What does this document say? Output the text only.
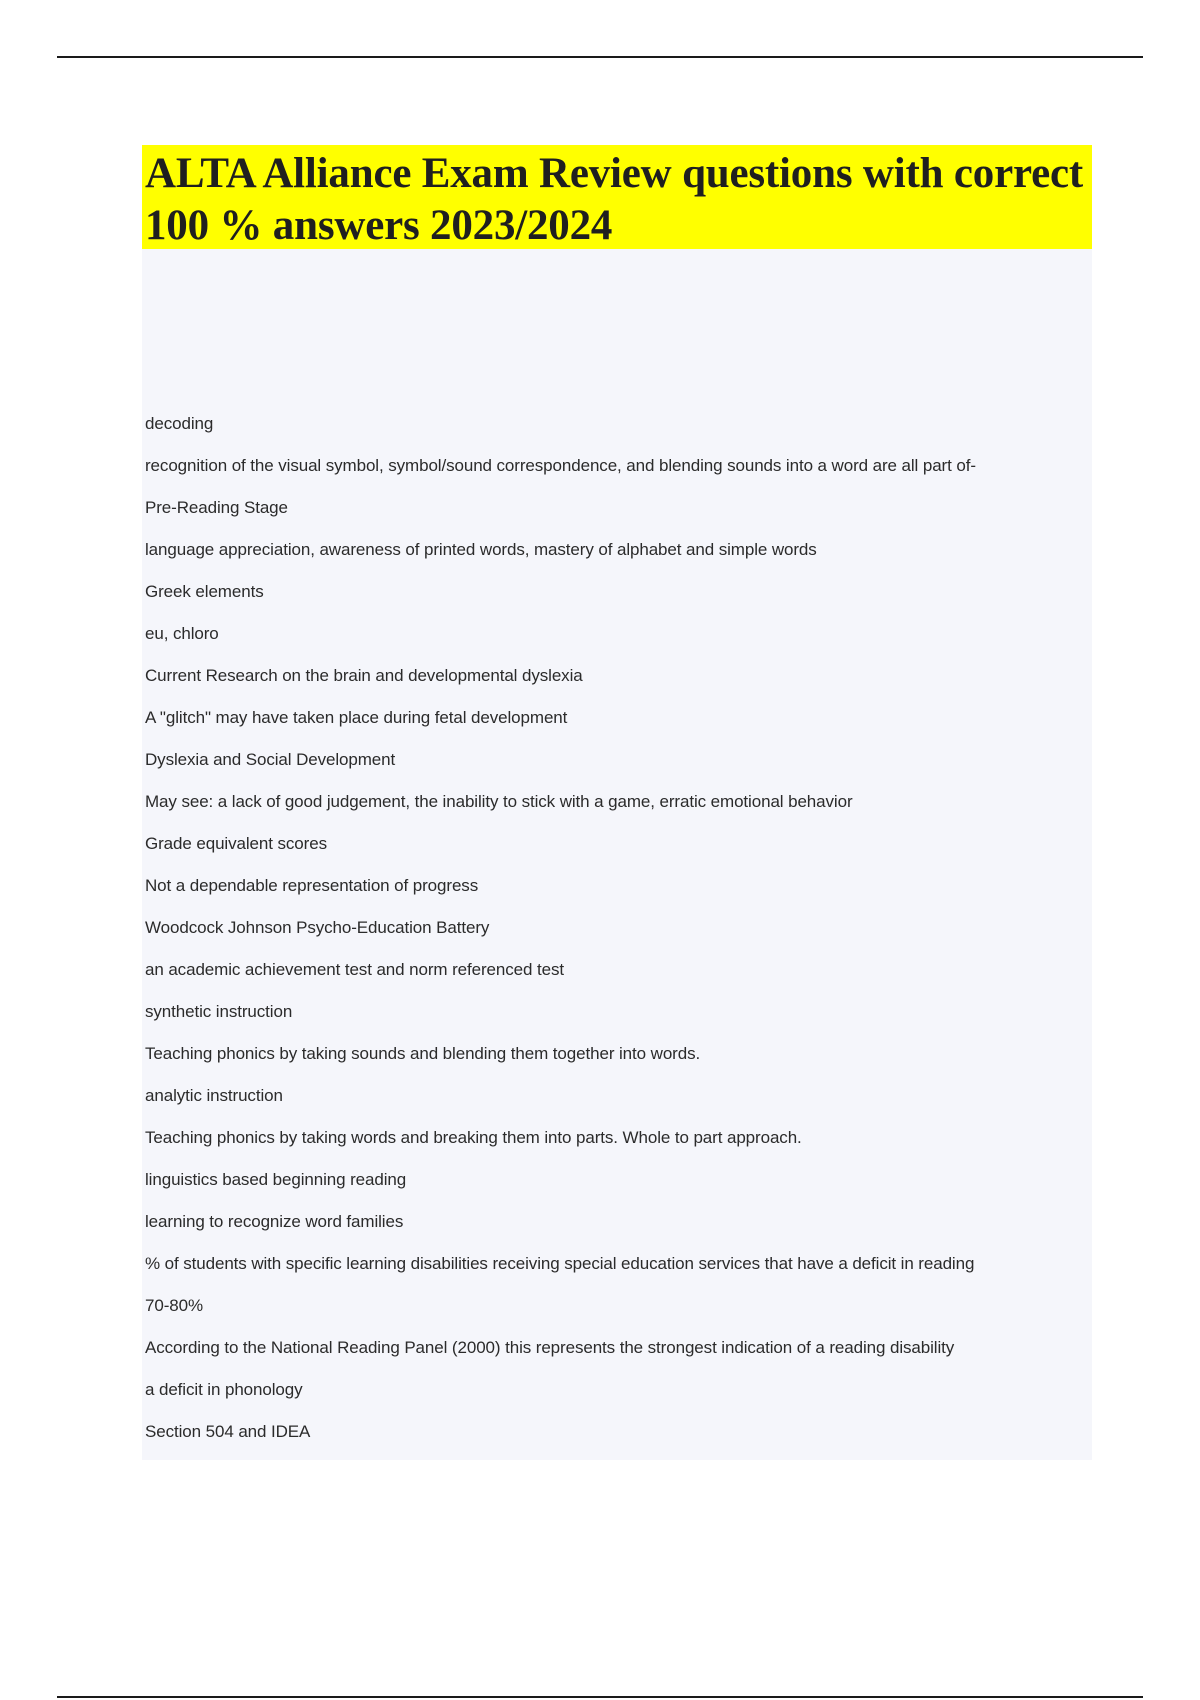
ALTA Alliance Exam Review questions with correct 100 % answers 2023/2024
decoding
recognition of the visual symbol, symbol/sound correspondence, and blending sounds into a word are all part of-
Pre-Reading Stage
language appreciation, awareness of printed words, mastery of alphabet and simple words
Greek elements
eu, chloro
Current Research on the brain and developmental dyslexia
A "glitch" may have taken place during fetal development
Dyslexia and Social Development
May see: a lack of good judgement, the inability to stick with a game, erratic emotional behavior
Grade equivalent scores
Not a dependable representation of progress
Woodcock Johnson Psycho-Education Battery
an academic achievement test and norm referenced test
synthetic instruction
Teaching phonics by taking sounds and blending them together into words.
analytic instruction
Teaching phonics by taking words and breaking them into parts. Whole to part approach.
linguistics based beginning reading
learning to recognize word families
% of students with specific learning disabilities receiving special education services that have a deficit in reading
70-80%
According to the National Reading Panel (2000) this represents the strongest indication of a reading disability
a deficit in phonology
Section 504 and IDEA
